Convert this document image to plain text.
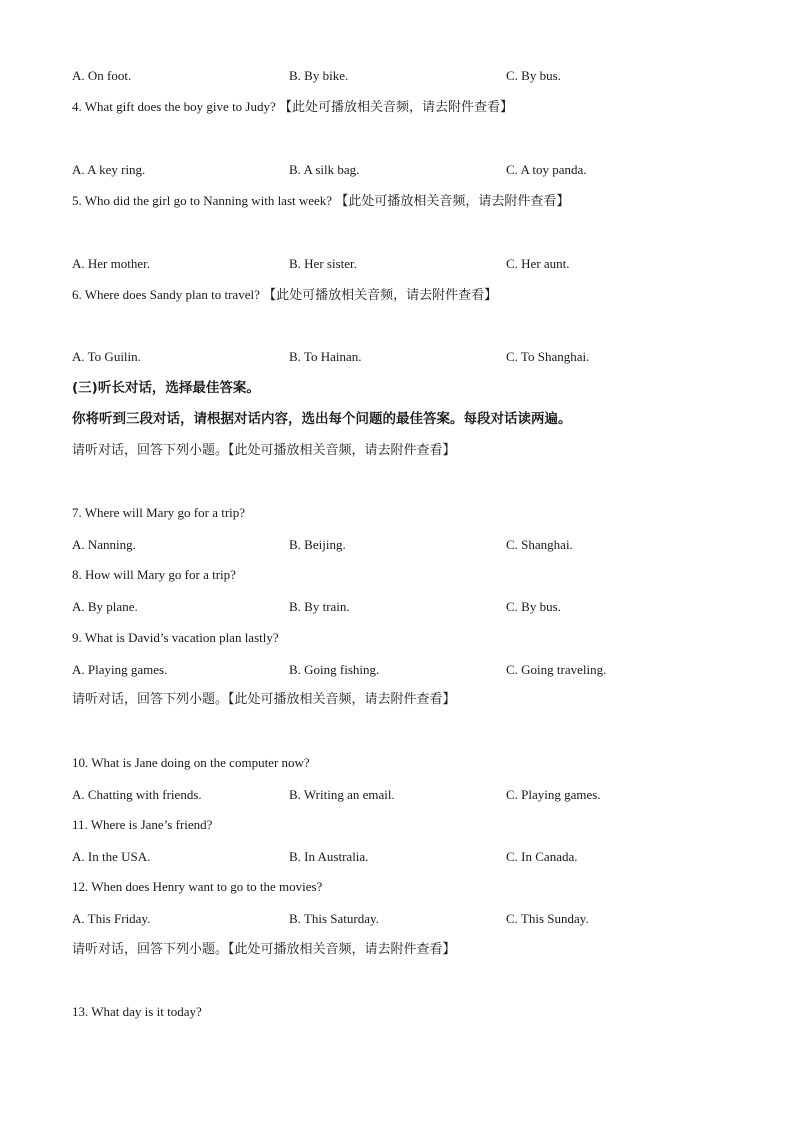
A. On foot.	B. By bike.	C. By bus.
4. What gift does the boy give to Judy? 【此处可播放相关音频，请去附件查看】
A. A key ring.	B. A silk bag.	C. A toy panda.
5. Who did the girl go to Nanning with last week? 【此处可播放相关音频，请去附件查看】
A. Her mother.	B. Her sister.	C. Her aunt.
6. Where does Sandy plan to travel? 【此处可播放相关音频，请去附件查看】
A. To Guilin.	B. To Hainan.	C. To Shanghai.
(三)听长对话，选择最佳答案。
你将听到三段对话，请根据对话内容，选出每个问题的最佳答案。每段对话读两遍。
请听对话，回答下列小题。【此处可播放相关音频，请去附件查看】
7. Where will Mary go for a trip?
A. Nanning.	B. Beijing.	C. Shanghai.
8. How will Mary go for a trip?
A. By plane.	B. By train.	C. By bus.
9. What is David’s vacation plan lastly?
A. Playing games.	B. Going fishing.	C. Going traveling.
请听对话，回答下列小题。【此处可播放相关音频，请去附件查看】
10. What is Jane doing on the computer now?
A. Chatting with friends.	B. Writing an email.	C. Playing games.
11. Where is Jane’s friend?
A. In the USA.	B. In Australia.	C. In Canada.
12. When does Henry want to go to the movies?
A. This Friday.	B. This Saturday.	C. This Sunday.
请听对话，回答下列小题。【此处可播放相关音频，请去附件查看】
13. What day is it today?
